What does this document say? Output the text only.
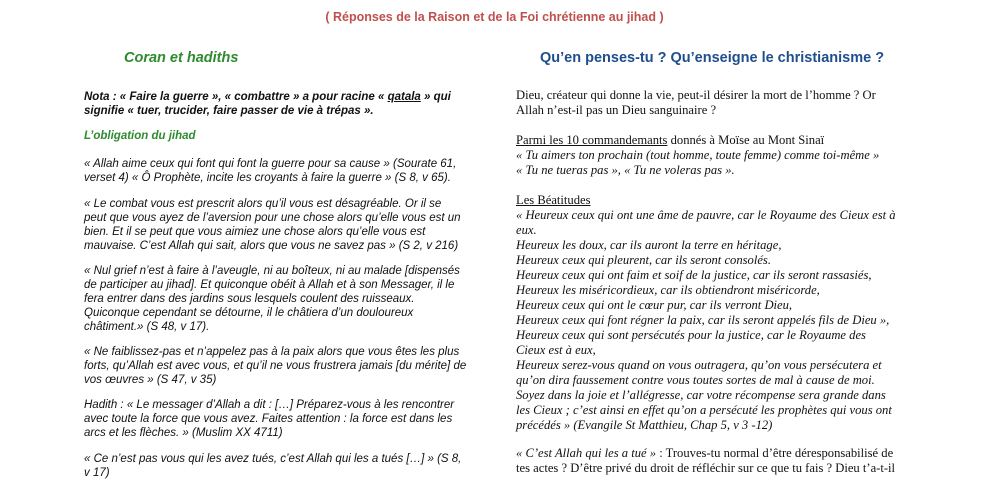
( Réponses de la Raison et de la Foi chrétienne au jihad )
Coran et hadiths	Qu’en penses-tu ? Qu’enseigne le christianisme ?
Nota : « Faire la guerre », « combattre » a pour racine « qatala » qui
signifie « tuer, trucider, faire passer de vie à trépas ».
L’obligation du jihad
« Allah aime ceux qui font qui font la guerre pour sa cause » (Sourate 61,
verset 4) « Ô Prophète, incite les croyants à faire la guerre » (S 8, v 65).
« Le combat vous est prescrit alors qu’il vous est désagréable. Or il se
peut que vous ayez de l’aversion pour une chose alors qu’elle vous est un
bien. Et il se peut que vous aimiez une chose alors qu’elle vous est
mauvaise. C’est Allah qui sait, alors que vous ne savez pas » (S 2, v 216)
« Nul grief n’est à faire à l’aveugle, ni au boîteux, ni au malade [dispensés
de participer au jihad]. Et quiconque obéit à Allah et à son Messager, il le
fera entrer dans des jardins sous lesquels coulent des ruisseaux.
Quiconque cependant se détourne, il le châtiera d’un douloureux
châtiment.» (S 48, v 17).
« Ne faiblissez-pas et n’appelez pas à la paix alors que vous êtes les plus
forts, qu’Allah est avec vous, et qu’il ne vous frustrera jamais [du mérite] de
vos œuvres » (S 47, v 35)
Hadith : « Le messager d’Allah a dit : […] Préparez-vous à les rencontrer
avec toute la force que vous avez. Faites attention : la force est dans les
arcs et les flèches. » (Muslim XX 4711)
« Ce n’est pas vous qui les avez tués, c’est Allah qui les a tués […] » (S 8,
v 17)
Dieu, créateur qui donne la vie, peut-il désirer la mort de l’homme ? Or
Allah n’est-il pas un Dieu sanguinaire ?
Parmi les 10 commandemants donnés à Moïse au Mont Sinaï
« Tu aimers ton prochain (tout homme, toute femme) comme toi-même »
« Tu ne tueras pas », « Tu ne voleras pas ».
Les Béatitudes
« Heureux ceux qui ont une âme de pauvre, car le Royaume des Cieux est à
eux.
Heureux les doux, car ils auront la terre en héritage,
Heureux ceux qui pleurent, car ils seront consolés.
Heureux ceux qui ont faim et soif de la justice, car ils seront rassasiés,
Heureux les miséricordieux, car ils obtiendront miséricorde,
Heureux ceux qui ont le cœur pur, car ils verront Dieu,
Heureux ceux qui font régner la paix, car ils seront appelés fils de Dieu »,
Heureux ceux qui sont persécutés pour la justice, car le Royaume des
Cieux est à eux,
Heureux serez-vous quand on vous outragera, qu’on vous persécutera et
qu’on dira faussement contre vous toutes sortes de mal à cause de moi.
Soyez dans la joie et l’allégresse, car votre récompense sera grande dans
les Cieux ; c’est ainsi en effet qu’on a persécuté les prophètes qui vous ont
précédés » (Evangile St Matthieu, Chap 5, v 3 -12)
« C’est Allah qui les a tué » : Trouves-tu normal d’être déresponsabilisé de
tes actes ? D’être privé du droit de réfléchir sur ce que tu fais ? Dieu t’a-t-il
